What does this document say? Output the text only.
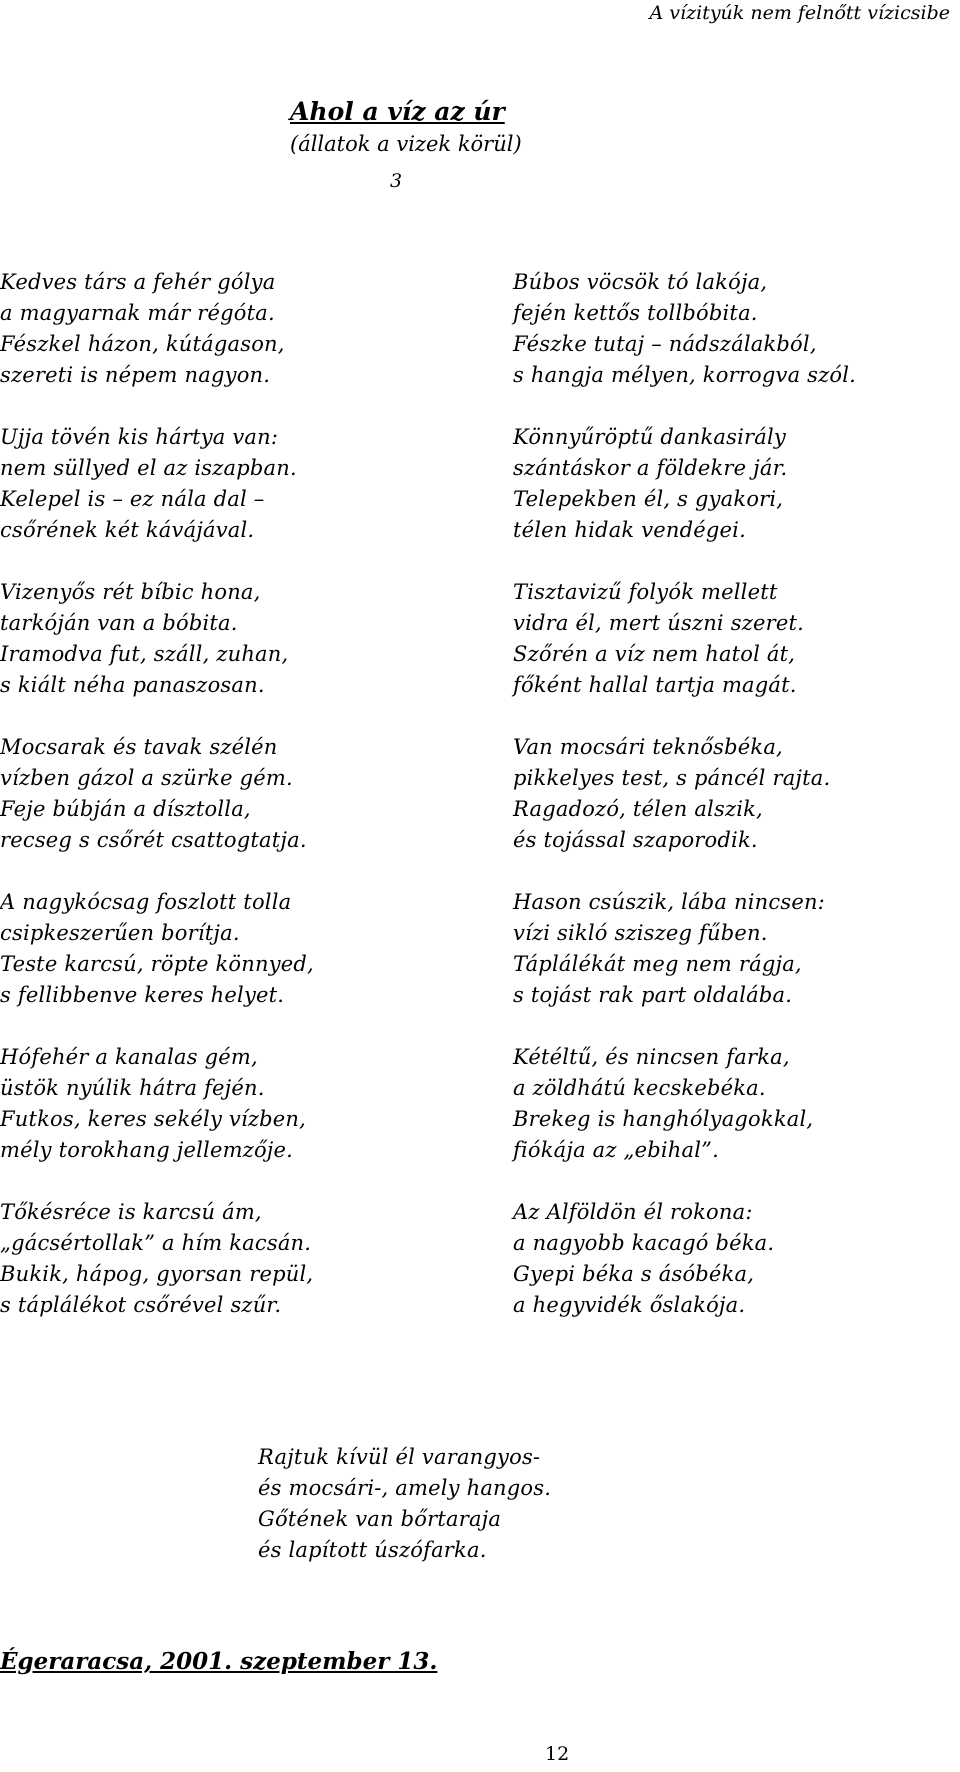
A vízityúk nem felnőtt vízicsibe

Ahol a víz az úr

(állatok a vizek körül)

3
Kedves társ a fehér gólya
a magyarnak már régóta.
Fészkel házon, kútágason,
szereti is népem nagyon.
Ujja tövén kis hártya van:
nem süllyed el az iszapban.
Kelepel is – ez nála dal –
csőrének két kávájával.
Vizenyős rét bíbic hona,
tarkóján van a bóbita.
Iramodva fut, száll, zuhan,
s kiált néha panaszosan.
Mocsarak és tavak szélén
vízben gázol a szürke gém.
Feje búbján a dísztolla,
recseg s csőrét csattogtatja.
A nagykócsag foszlott tolla
csipkeszerűen borítja.
Teste karcsú, röpte könnyed,
s fellibbenve keres helyet.
Hófehér a kanalas gém,
üstök nyúlik hátra fején.
Futkos, keres sekély vízben,
mély torokhang jellemzője.
Tőkésréce is karcsú ám,
„gácsértollak” a hím kacsán.
Bukik, hápog, gyorsan repül,
s táplálékot csőrével szűr.
Búbos vöcsök tó lakója,
fején kettős tollbóbita.
Fészke tutaj – nádszálakból,
s hangja mélyen, korrogva szól.
Könnyűröptű dankasirály
szántáskor a földekre jár.
Telepekben él, s gyakori,
télen hidak vendégei.
Tisztavizű folyók mellett
vidra él, mert úszni szeret.
Szőrén a víz nem hatol át,
főként hallal tartja magát.
Van mocsári teknősbéka,
pikkelyes test, s páncél rajta.
Ragadozó, télen alszik,
és tojással szaporodik.
Hason csúszik, lába nincsen:
vízi sikló sziszeg fűben.
Táplálékát meg nem rágja,
s tojást rak part oldalába.
Kétéltű, és nincsen farka,
a zöldhátú kecskebéka.
Brekeg is hanghólyagokkal,
fiókája az „ebihal”.
Az Alföldön él rokona:
a nagyobb kacagó béka.
Gyepi béka s ásóbéka,
a hegyvidék őslakója.
Rajtuk kívül él varangyos-
és mocsári-, amely hangos.
Gőtének van bőrtaraja
és lapított úszófarka.
Égeraracsa, 2001. szeptember 13.
12
